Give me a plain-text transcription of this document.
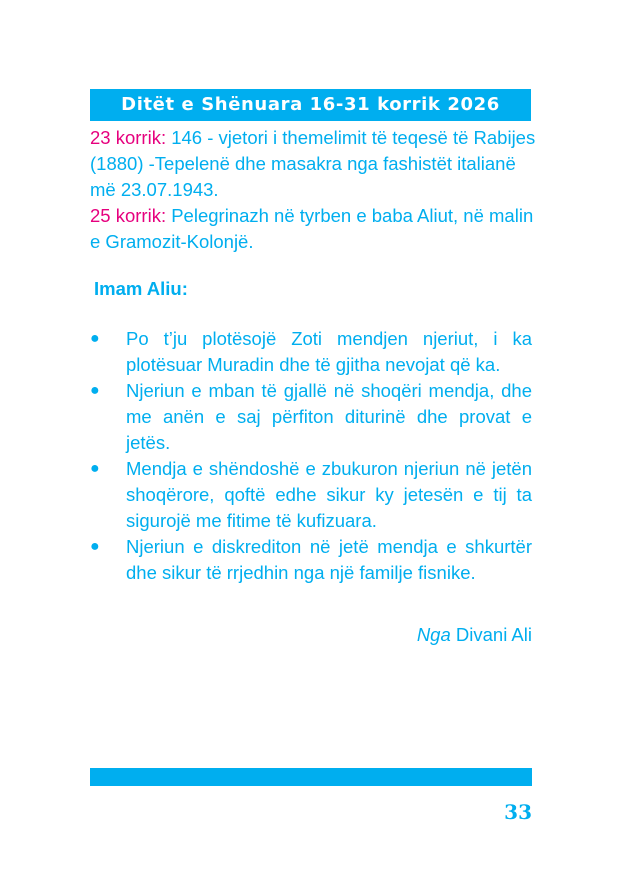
Ditët e Shënuara 16-31 korrik 2026

23 korrik: 146 - vjetori i themelimit të teqesë të Rabijes (1880) -Tepelenë dhe masakra nga fashistët italianë më 23.07.1943.

25 korrik: Pelegrinazh në tyrben e baba Aliut, në malin e Gramozit-Kolonjë.

Imam Aliu:
● Po t’ju plotësojë Zoti mendjen njeriut, i ka plotësuar Muradin dhe të gjitha nevojat që ka.
● Njeriun e mban të gjallë në shoqëri mendja, dhe me anën e saj përfiton diturinë dhe provat e jetës.
● Mendja e shëndoshë e zbukuron njeriun në jetën shoqërore, qoftë edhe sikur ky jetesën e tij ta sigurojë me fitime të kufizuara.
● Njeriun e diskrediton në jetë mendja e shkurtër dhe sikur të rrjedhin nga një familje fisnike.
Nga Divani Ali
33
